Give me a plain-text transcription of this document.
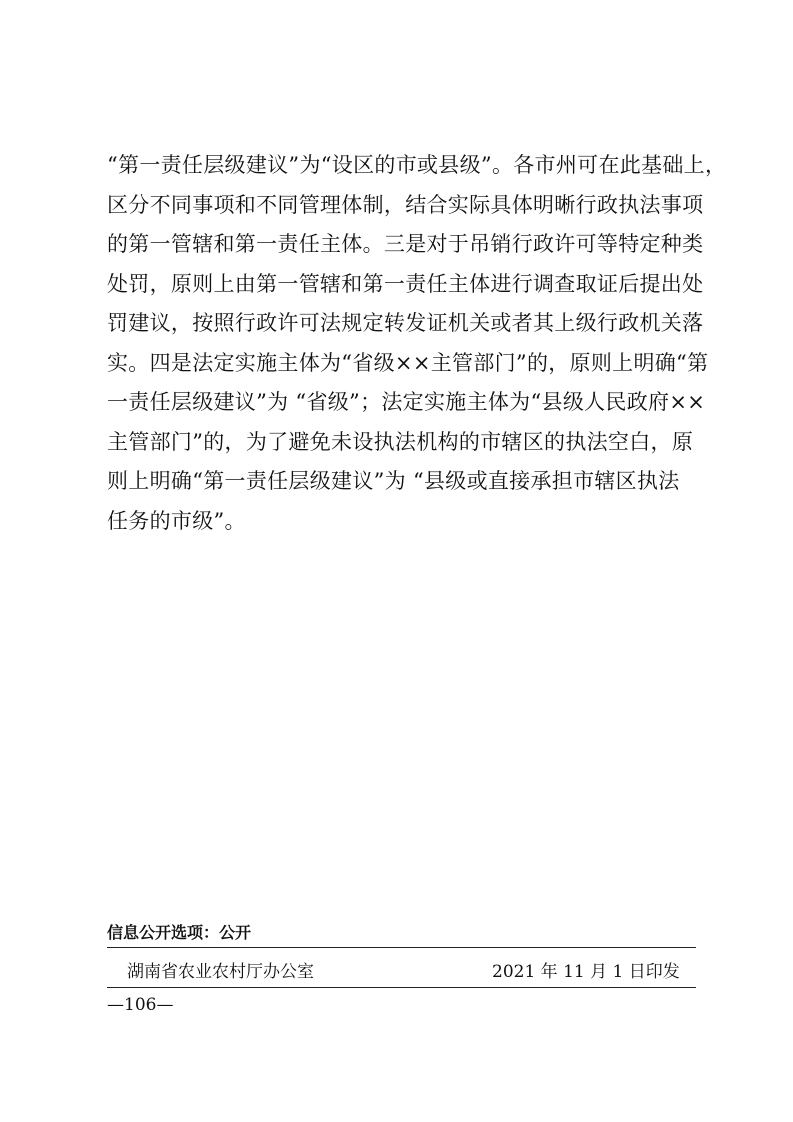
“第一责任层级建议”为“设区的市或县级”。各市州可在此基础上，
区分不同事项和不同管理体制，结合实际具体明晰行政执法事项
的第一管辖和第一责任主体。三是对于吊销行政许可等特定种类
处罚，原则上由第一管辖和第一责任主体进行调查取证后提出处
罚建议，按照行政许可法规定转发证机关或者其上级行政机关落
实。四是法定实施主体为“省级××主管部门”的，原则上明确“第
一责任层级建议”为 “省级”；法定实施主体为“县级人民政府××
主管部门”的，为了避免未设执法机构的市辖区的执法空白，原
则上明确“第一责任层级建议”为 “县级或直接承担市辖区执法
任务的市级”。
信息公开选项：公开
湖南省农业农村厅办公室	2021 年 11 月 1 日印发
—106—
